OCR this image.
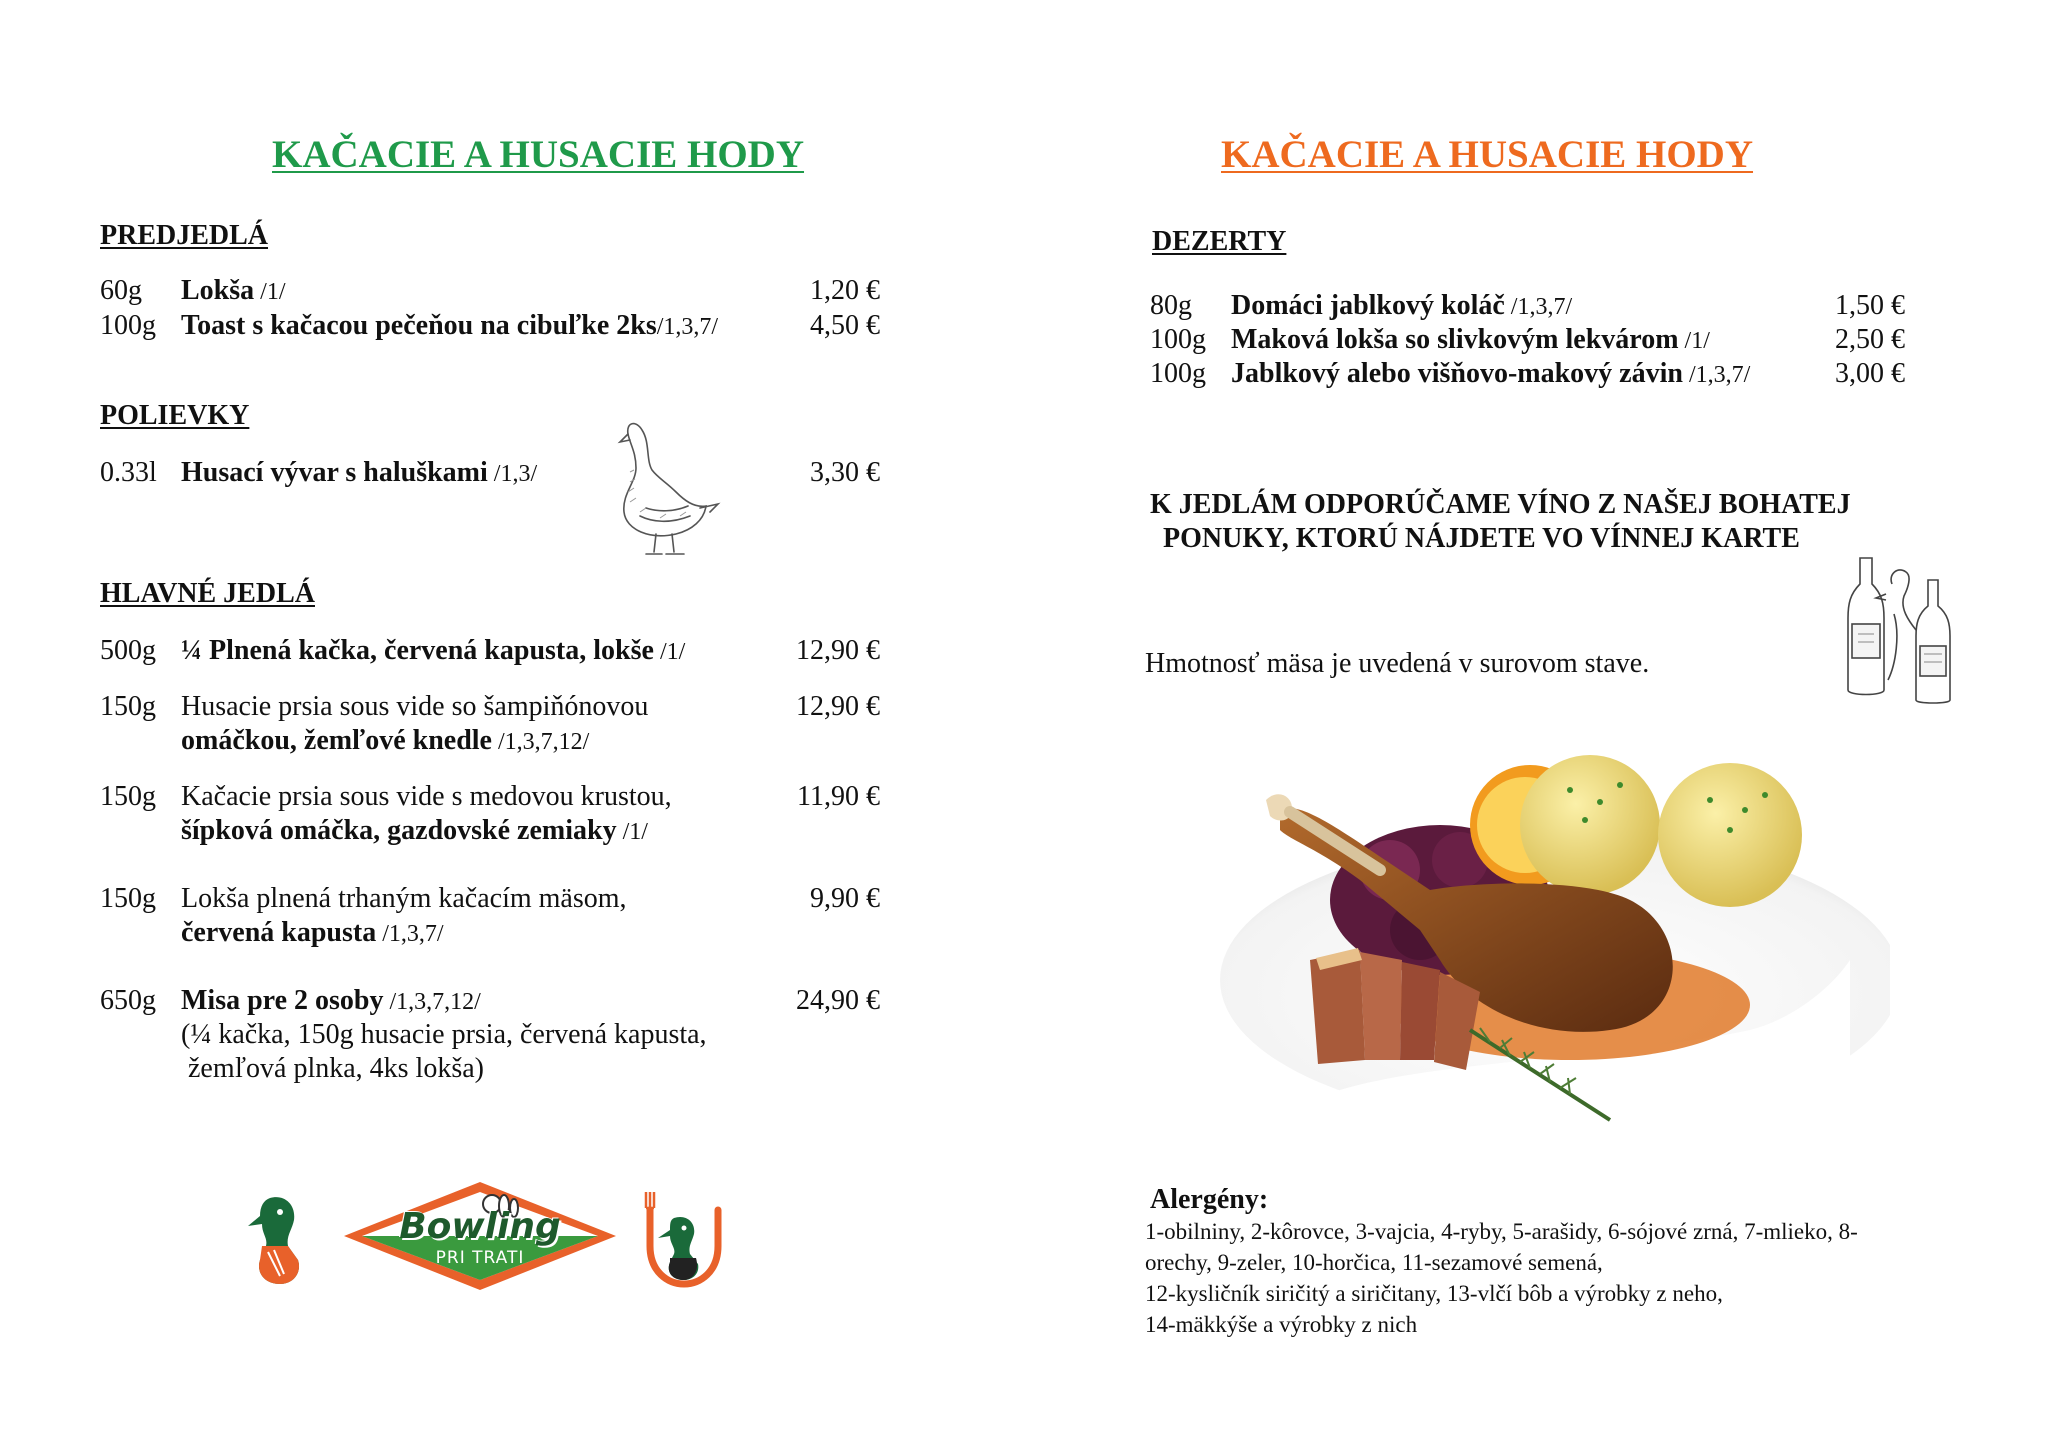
KAČACIE A HUSACIE HODY
PREDJEDLÁ
60g Lokša /1/	1,20 €
100g Toast s kačacou pečeňou na cibuľke 2ks/1,3,7/	4,50 €
POLIEVKY
0.33l Husací vývar s haluškami /1,3/	3,30 €
HLAVNÉ JEDLÁ
500g ¼ Plnená kačka, červená kapusta, lokše /1/	12,90 €
150g Husacie prsia sous vide so šampiňónovou
omáčkou, žemľové knedle /1,3,7,12/
12,90 €
150g Kačacie prsia sous vide s medovou krustou,
šípková omáčka, gazdovské zemiaky /1/
11,90 €
150g Lokša plnená trhaným kačacím mäsom,
červená kapusta /1,3,7/
9,90 €
650g Misa pre 2 osoby /1,3,7,12/
(¼ kačka, 150g husacie prsia, červená kapusta,
žemľová plnka, 4ks lokša)
24,90 €
Bowling
PRI TRATI
KAČACIE A HUSACIE HODY
DEZERTY
80g Domáci jablkový koláč /1,3,7/	1,50 €
100g Maková lokša so slivkovým lekvárom /1/	2,50 €
100g Jablkový alebo višňovo-makový závin /1,3,7/	3,00 €
K JEDLÁM ODPORÚČAME VÍNO Z NAŠEJ BOHATEJ
PONUKY, KTORÚ NÁJDETE VO VÍNNEJ KARTE
Hmotnosť mäsa je uvedená v surovom stave.
Alergény:
1-obilniny, 2-kôrovce, 3-vajcia, 4-ryby, 5-arašidy, 6-sójové zrná, 7-mlieko, 8-
orechy, 9-zeler, 10-horčica, 11-sezamové semená,
12-kysličník siričitý a siričitany, 13-vlčí bôb a výrobky z neho,
14-mäkkýše a výrobky z nich
